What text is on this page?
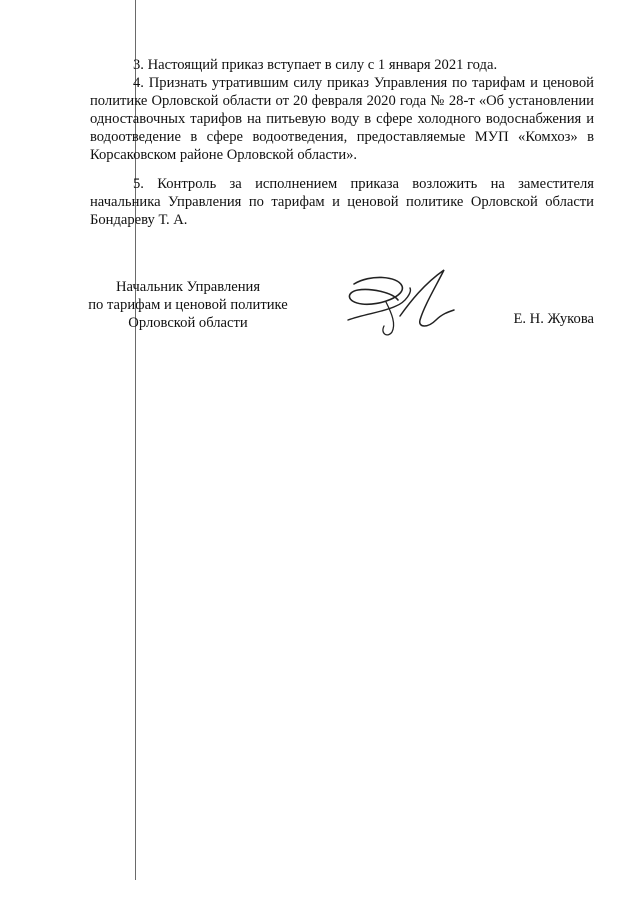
3. Настоящий приказ вступает в силу с 1 января 2021 года.

4. Признать утратившим силу приказ Управления по тарифам и ценовой политике Орловской области от 20 февраля 2020 года № 28-т «Об установлении одноставочных тарифов на питьевую воду в сфере холодного водоснабжения и водоотведение в сфере водоотведения, предоставляемые МУП «Комхоз» в Корсаковском районе Орловской области».

5. Контроль за исполнением приказа возложить на заместителя начальника Управления по тарифам и ценовой политике Орловской области Бондареву Т. А.

Начальник Управления
по тарифам и ценовой политике
Орловской области	Е. Н. Жукова
